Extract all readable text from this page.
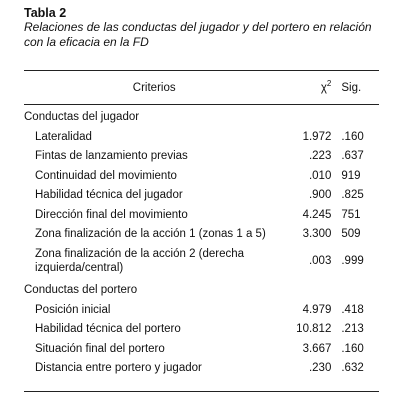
Tabla 2
Relaciones de las conductas del jugador y del portero en relación con la eficacia en la FD
Criterios	$\chi^2$	Sig.
Conductas del jugador		
Lateralidad	1.972	.160
Fintas de lanzamiento previas	.223	.637
Continuidad del movimiento	.010	919
Habilidad técnica del jugador	.900	.825
Dirección final del movimiento	4.245	751
Zona finalización de la acción 1 (zonas 1 a 5)	3.300	509
Zona finalización de la acción 2 (derecha izquierda/central)	.003	.999
Conductas del portero		
Posición inicial	4.979	.418
Habilidad técnica del portero	10.812	.213
Situación final del portero	3.667	.160
Distancia entre portero y jugador	.230	.632
